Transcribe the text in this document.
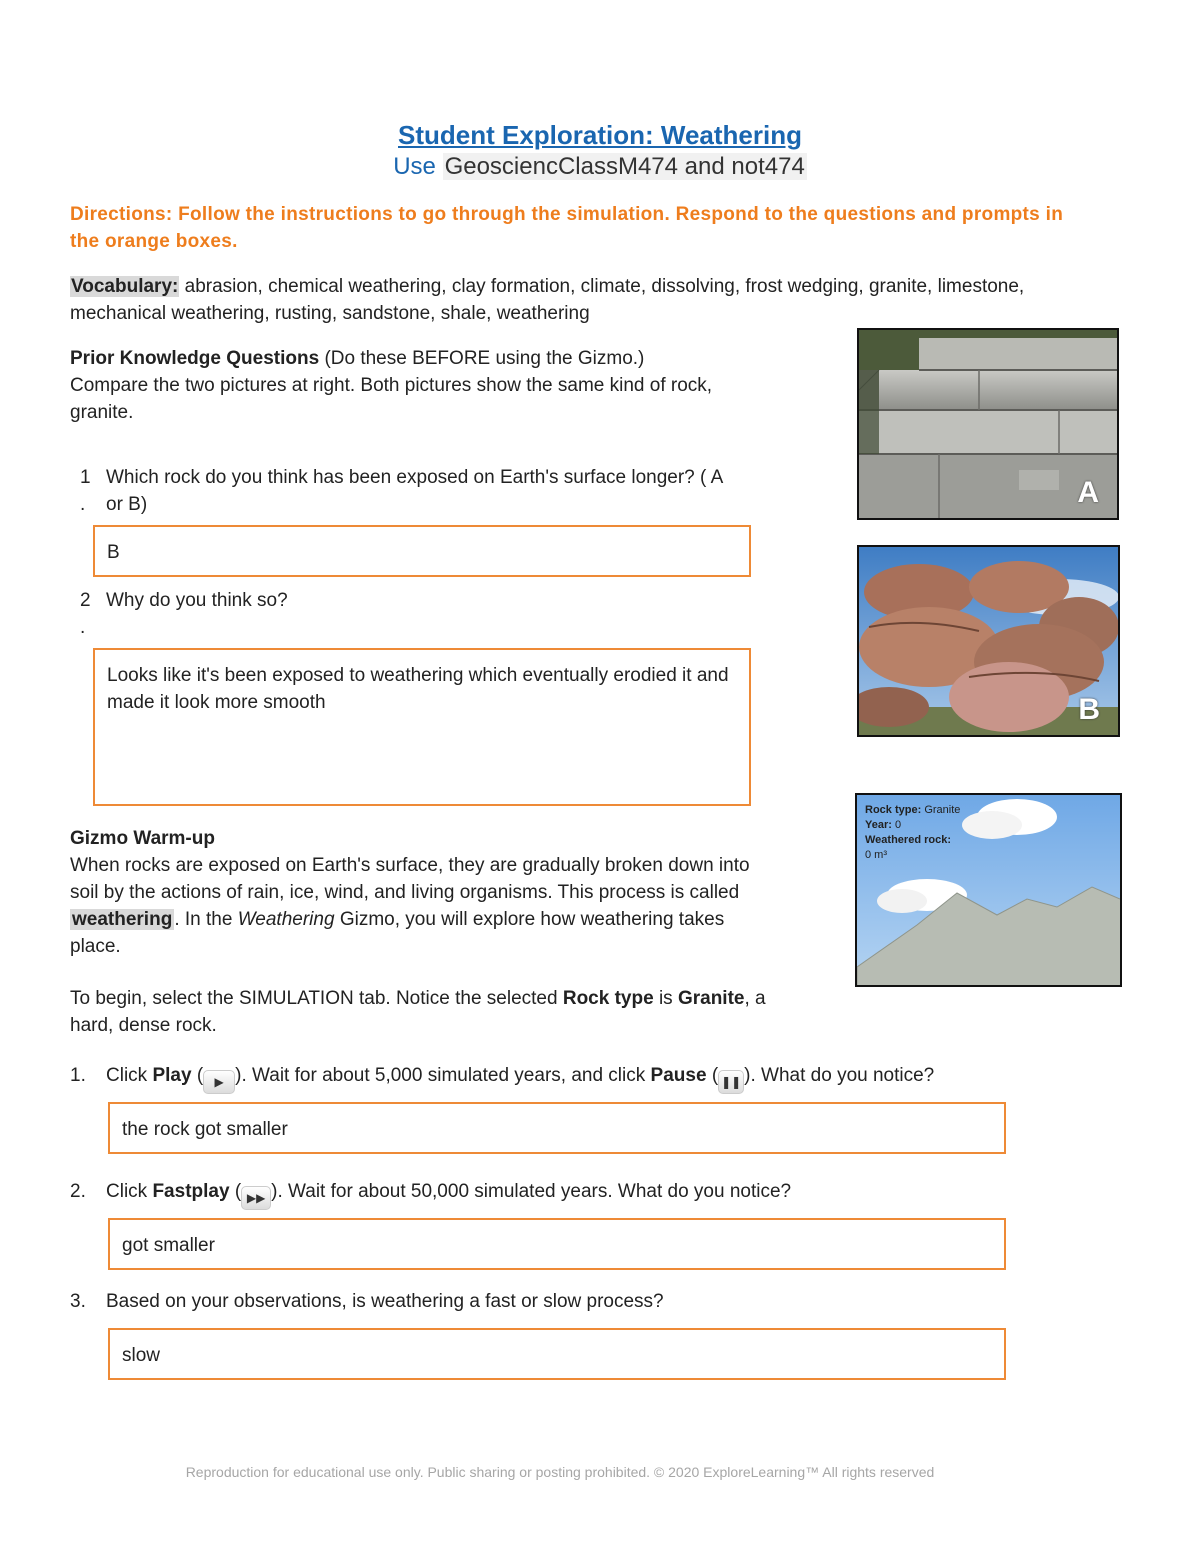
Student Exploration: Weathering
Use GeosciencClassM474 and not474
Directions: Follow the instructions to go through the simulation. Respond to the questions and prompts in the orange boxes.
Vocabulary: abrasion, chemical weathering, clay formation, climate, dissolving, frost wedging, granite, limestone, mechanical weathering, rusting, sandstone, shale, weathering
Prior Knowledge Questions (Do these BEFORE using the Gizmo.)
Compare the two pictures at right. Both pictures show the same kind of rock, granite.
1
.
Which rock do you think has been exposed on Earth's surface longer? ( A or B)
B
2
.
Why do you think so?
Looks like it's been exposed to weathering which eventually erodied it and made it look more smooth
A
B
Rock type: Granite
Year: 0
Weathered rock:
0 m³
Gizmo Warm-up
When rocks are exposed on Earth's surface, they are gradually broken down into soil by the actions of rain, ice, wind, and living organisms. This process is called weathering . In the Weathering Gizmo, you will explore how weathering takes place.
To begin, select the SIMULATION tab. Notice the selected Rock type is Granite, a hard, dense rock.
1.	Click Play ( ▶ ). Wait for about 5,000 simulated years, and click Pause ( ❚❚ ). What do you notice?
the rock got smaller
2.	Click Fastplay ( ▶▶ ). Wait for about 50,000 simulated years. What do you notice?
got smaller
3.	Based on your observations, is weathering a fast or slow process?
slow
Reproduction for educational use only. Public sharing or posting prohibited. © 2020 ExploreLearning™ All rights reserved
